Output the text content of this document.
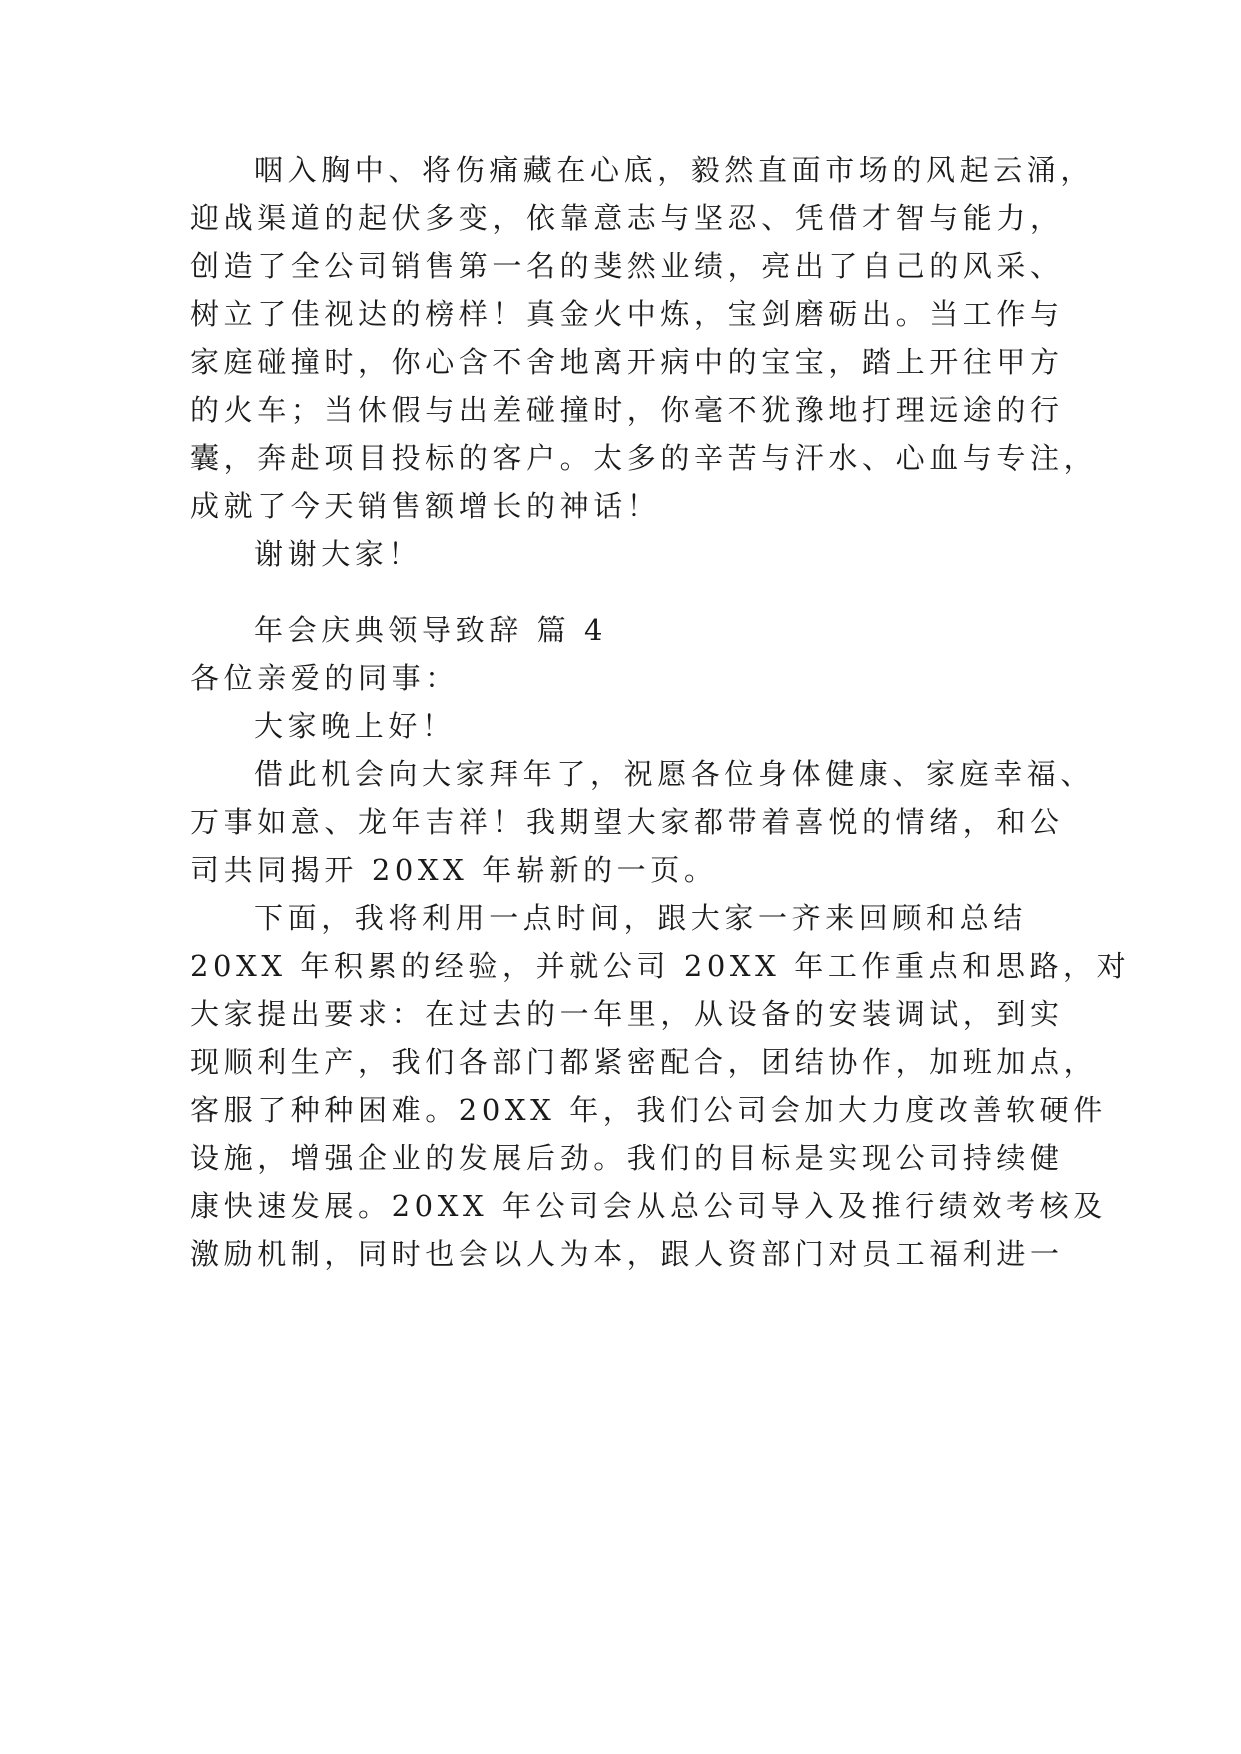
咽入胸中、将伤痛藏在心底，毅然直面市场的风起云涌，
迎战渠道的起伏多变，依靠意志与坚忍、凭借才智与能力，
创造了全公司销售第一名的斐然业绩，亮出了自己的风采、
树立了佳视达的榜样！真金火中炼，宝剑磨砺出。当工作与
家庭碰撞时，你心含不舍地离开病中的宝宝，踏上开往甲方
的火车；当休假与出差碰撞时，你毫不犹豫地打理远途的行
囊，奔赴项目投标的客户。太多的辛苦与汗水、心血与专注，
成就了今天销售额增长的神话！
谢谢大家！
年会庆典领导致辞 篇 4
各位亲爱的同事：
大家晚上好！
借此机会向大家拜年了，祝愿各位身体健康、家庭幸福、
万事如意、龙年吉祥！我期望大家都带着喜悦的情绪，和公
司共同揭开 20XX 年崭新的一页。
下面，我将利用一点时间，跟大家一齐来回顾和总结
20XX 年积累的经验，并就公司 20XX 年工作重点和思路，对
大家提出要求：在过去的一年里，从设备的安装调试，到实
现顺利生产，我们各部门都紧密配合，团结协作，加班加点，
客服了种种困难。20XX 年，我们公司会加大力度改善软硬件
设施，增强企业的发展后劲。我们的目标是实现公司持续健
康快速发展。20XX 年公司会从总公司导入及推行绩效考核及
激励机制，同时也会以人为本，跟人资部门对员工福利进一
